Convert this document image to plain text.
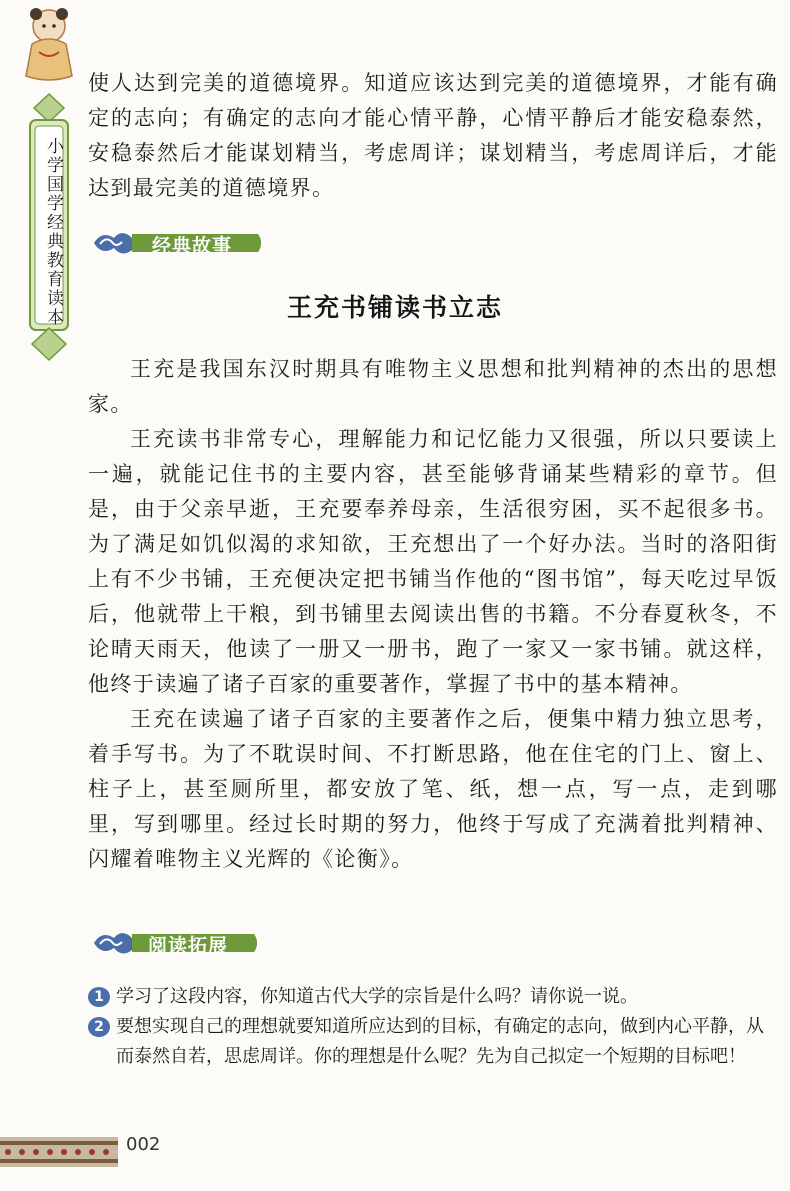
小学国学经典教育读本

使人达到完美的道德境界。知道应该达到完美的道德境界，才能有确定的志向；有确定的志向才能心情平静，心情平静后才能安稳泰然，安稳泰然后才能谋划精当，考虑周详；谋划精当，考虑周详后，才能达到最完美的道德境界。

经典故事
王充书铺读书立志

王充是我国东汉时期具有唯物主义思想和批判精神的杰出的思想家。

王充读书非常专心，理解能力和记忆能力又很强，所以只要读上一遍，就能记住书的主要内容，甚至能够背诵某些精彩的章节。但是，由于父亲早逝，王充要奉养母亲，生活很穷困，买不起很多书。为了满足如饥似渴的求知欲，王充想出了一个好办法。当时的洛阳街上有不少书铺，王充便决定把书铺当作他的“图书馆”，每天吃过早饭后，他就带上干粮，到书铺里去阅读出售的书籍。不分春夏秋冬，不论晴天雨天，他读了一册又一册书，跑了一家又一家书铺。就这样，他终于读遍了诸子百家的重要著作，掌握了书中的基本精神。

王充在读遍了诸子百家的主要著作之后，便集中精力独立思考，着手写书。为了不耽误时间、不打断思路，他在住宅的门上、窗上、柱子上，甚至厕所里，都安放了笔、纸，想一点，写一点，走到哪里，写到哪里。经过长时期的努力，他终于写成了充满着批判精神、闪耀着唯物主义光辉的《论衡》。

阅读拓展
1 学习了这段内容，你知道古代大学的宗旨是什么吗？请你说一说。
2 要想实现自己的理想就要知道所应达到的目标，有确定的志向，做到内心平静，从而泰然自若，思虑周详。你的理想是什么呢？先为自己拟定一个短期的目标吧！
002
